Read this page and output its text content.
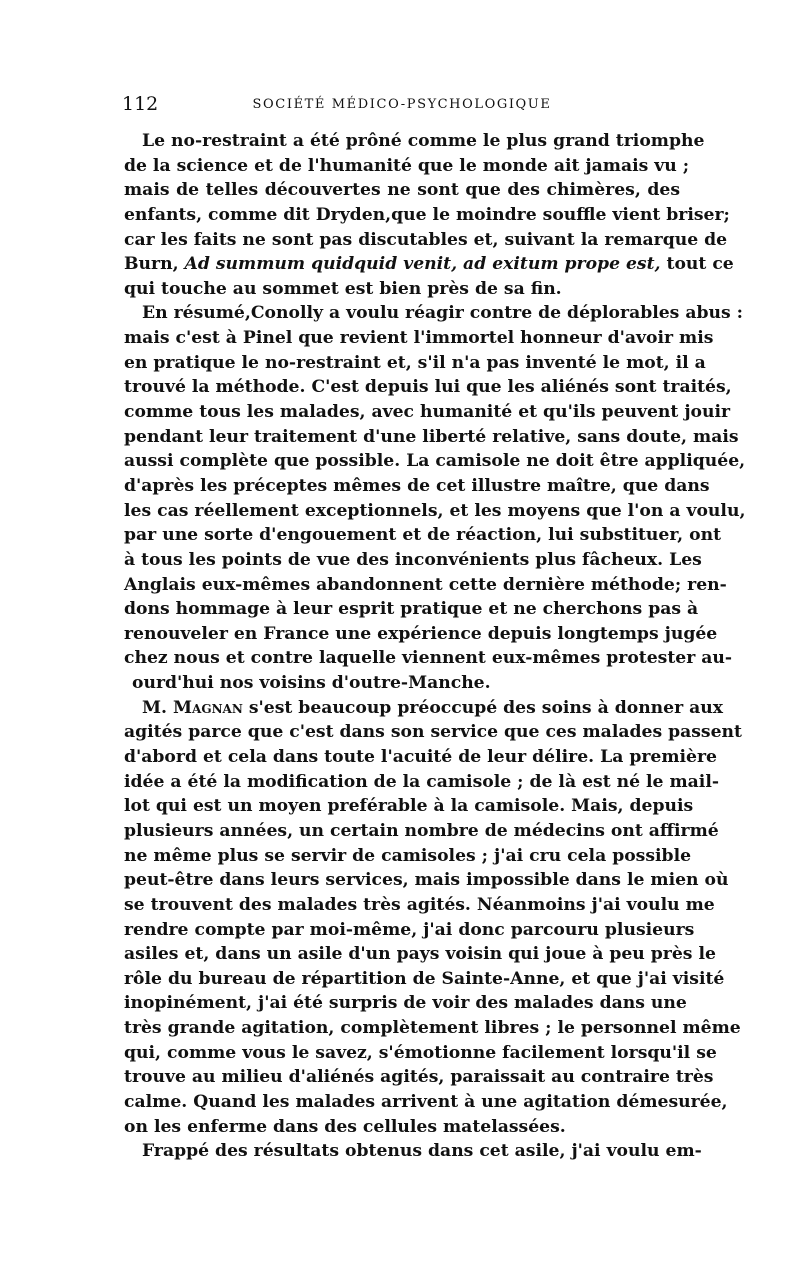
112	SOCIÉTÉ MÉDICO-PSYCHOLOGIQUE
Le no-restraint a été prôné comme le plus grand triomphe
de la science et de l'humanité que le monde ait jamais vu ;
mais de telles découvertes ne sont que des chimères, des
enfants, comme dit Dryden,que le moindre souffle vient briser;
car les faits ne sont pas discutables et, suivant la remarque de
Burn, Ad summum quidquid venit, ad exitum prope est, tout ce
qui touche au sommet est bien près de sa fin.
En résumé,Conolly a voulu réagir contre de déplorables abus :
mais c'est à Pinel que revient l'immortel honneur d'avoir mis
en pratique le no-restraint et, s'il n'a pas inventé le mot, il a
trouvé la méthode. C'est depuis lui que les aliénés sont traités,
comme tous les malades, avec humanité et qu'ils peuvent jouir
pendant leur traitement d'une liberté relative, sans doute, mais
aussi complète que possible. La camisole ne doit être appliquée,
d'après les préceptes mêmes de cet illustre maître, que dans
les cas réellement exceptionnels, et les moyens que l'on a voulu,
par une sorte d'engouement et de réaction, lui substituer, ont
à tous les points de vue des inconvénients plus fâcheux. Les
Anglais eux-mêmes abandonnent cette dernière méthode; ren-
dons hommage à leur esprit pratique et ne cherchons pas à
renouveler en France une expérience depuis longtemps jugée
chez nous et contre laquelle viennent eux-mêmes protester au-
ourd'hui nos voisins d'outre-Manche.
M. Magnan s'est beaucoup préoccupé des soins à donner aux
agités parce que c'est dans son service que ces malades passent
d'abord et cela dans toute l'acuité de leur délire. La première
idée a été la modification de la camisole ; de là est né le mail-
lot qui est un moyen preférable à la camisole. Mais, depuis
plusieurs années, un certain nombre de médecins ont affirmé
ne même plus se servir de camisoles ; j'ai cru cela possible
peut-être dans leurs services, mais impossible dans le mien où
se trouvent des malades très agités. Néanmoins j'ai voulu me
rendre compte par moi-même, j'ai donc parcouru plusieurs
asiles et, dans un asile d'un pays voisin qui joue à peu près le
rôle du bureau de répartition de Sainte-Anne, et que j'ai visité
inopinément, j'ai été surpris de voir des malades dans une
très grande agitation, complètement libres ; le personnel même
qui, comme vous le savez, s'émotionne facilement lorsqu'il se
trouve au milieu d'aliénés agités, paraissait au contraire très
calme. Quand les malades arrivent à une agitation démesurée,
on les enferme dans des cellules matelassées.
Frappé des résultats obtenus dans cet asile, j'ai voulu em-
